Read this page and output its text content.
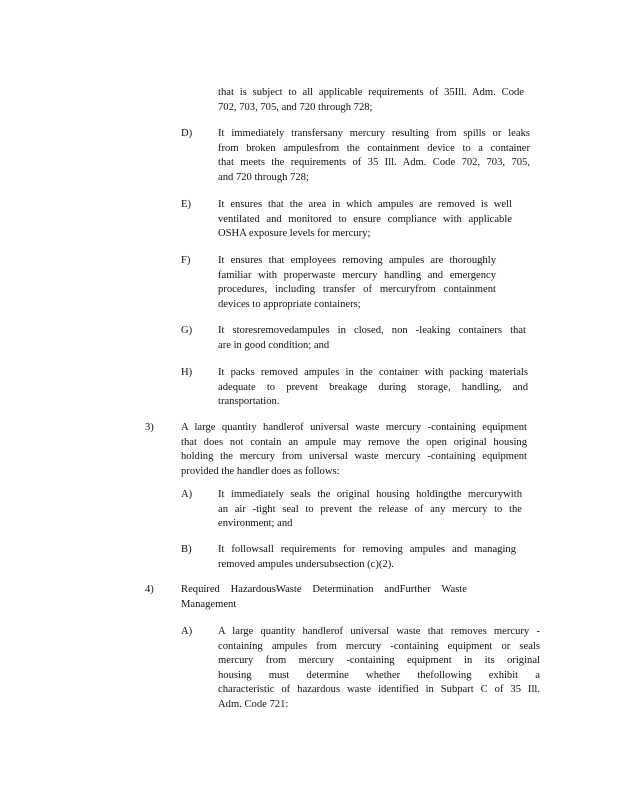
that is subject to all applicable requirements of 35Ill. Adm. Code
702, 703, 705, and 720 through 728;
D) It immediately transfersany mercury resulting from spills or leaks
from broken ampulesfrom the containment device to a container
that meets the requirements of 35 Ill. Adm. Code 702, 703, 705,
and 720 through 728;
E)	It ensures that the area in which ampules are removed is well
ventilated and monitored to ensure compliance with applicable
OSHA exposure levels for mercury;
F)	It ensures that employees removing ampules are thoroughly
familiar with properwaste mercury handling and emergency
procedures, including transfer of mercuryfrom containment
devices to appropriate containers;
G) It storesremovedampules in closed, non -leaking containers that
are in good condition; and
H) It packs removed ampules in the container with packing materials
adequate to prevent breakage during storage, handling, and
transportation.
3)	A large quantity handlerof universal waste mercury -containing equipment
that does not contain an ampule may remove the open original housing
holding the mercury from universal waste mercury -containing equipment
provided the handler does as follows:
A) It immediately seals the original housing holdingthe mercurywith
an air -tight seal to prevent the release of any mercury to the
environment; and
B) It followsall requirements for removing ampules and managing
removed ampules undersubsection (c)(2).
4)	Required HazardousWaste Determination andFurther Waste
Management
A) A large quantity handlerof universal waste that removes mercury -
containing ampules from mercury -containing equipment or seals
mercury from mercury -containing equipment in its original
housing must determine whether thefollowing exhibit a
characteristic of hazardous waste identified in Subpart C of 35 Ill.
Adm. Code 721:
